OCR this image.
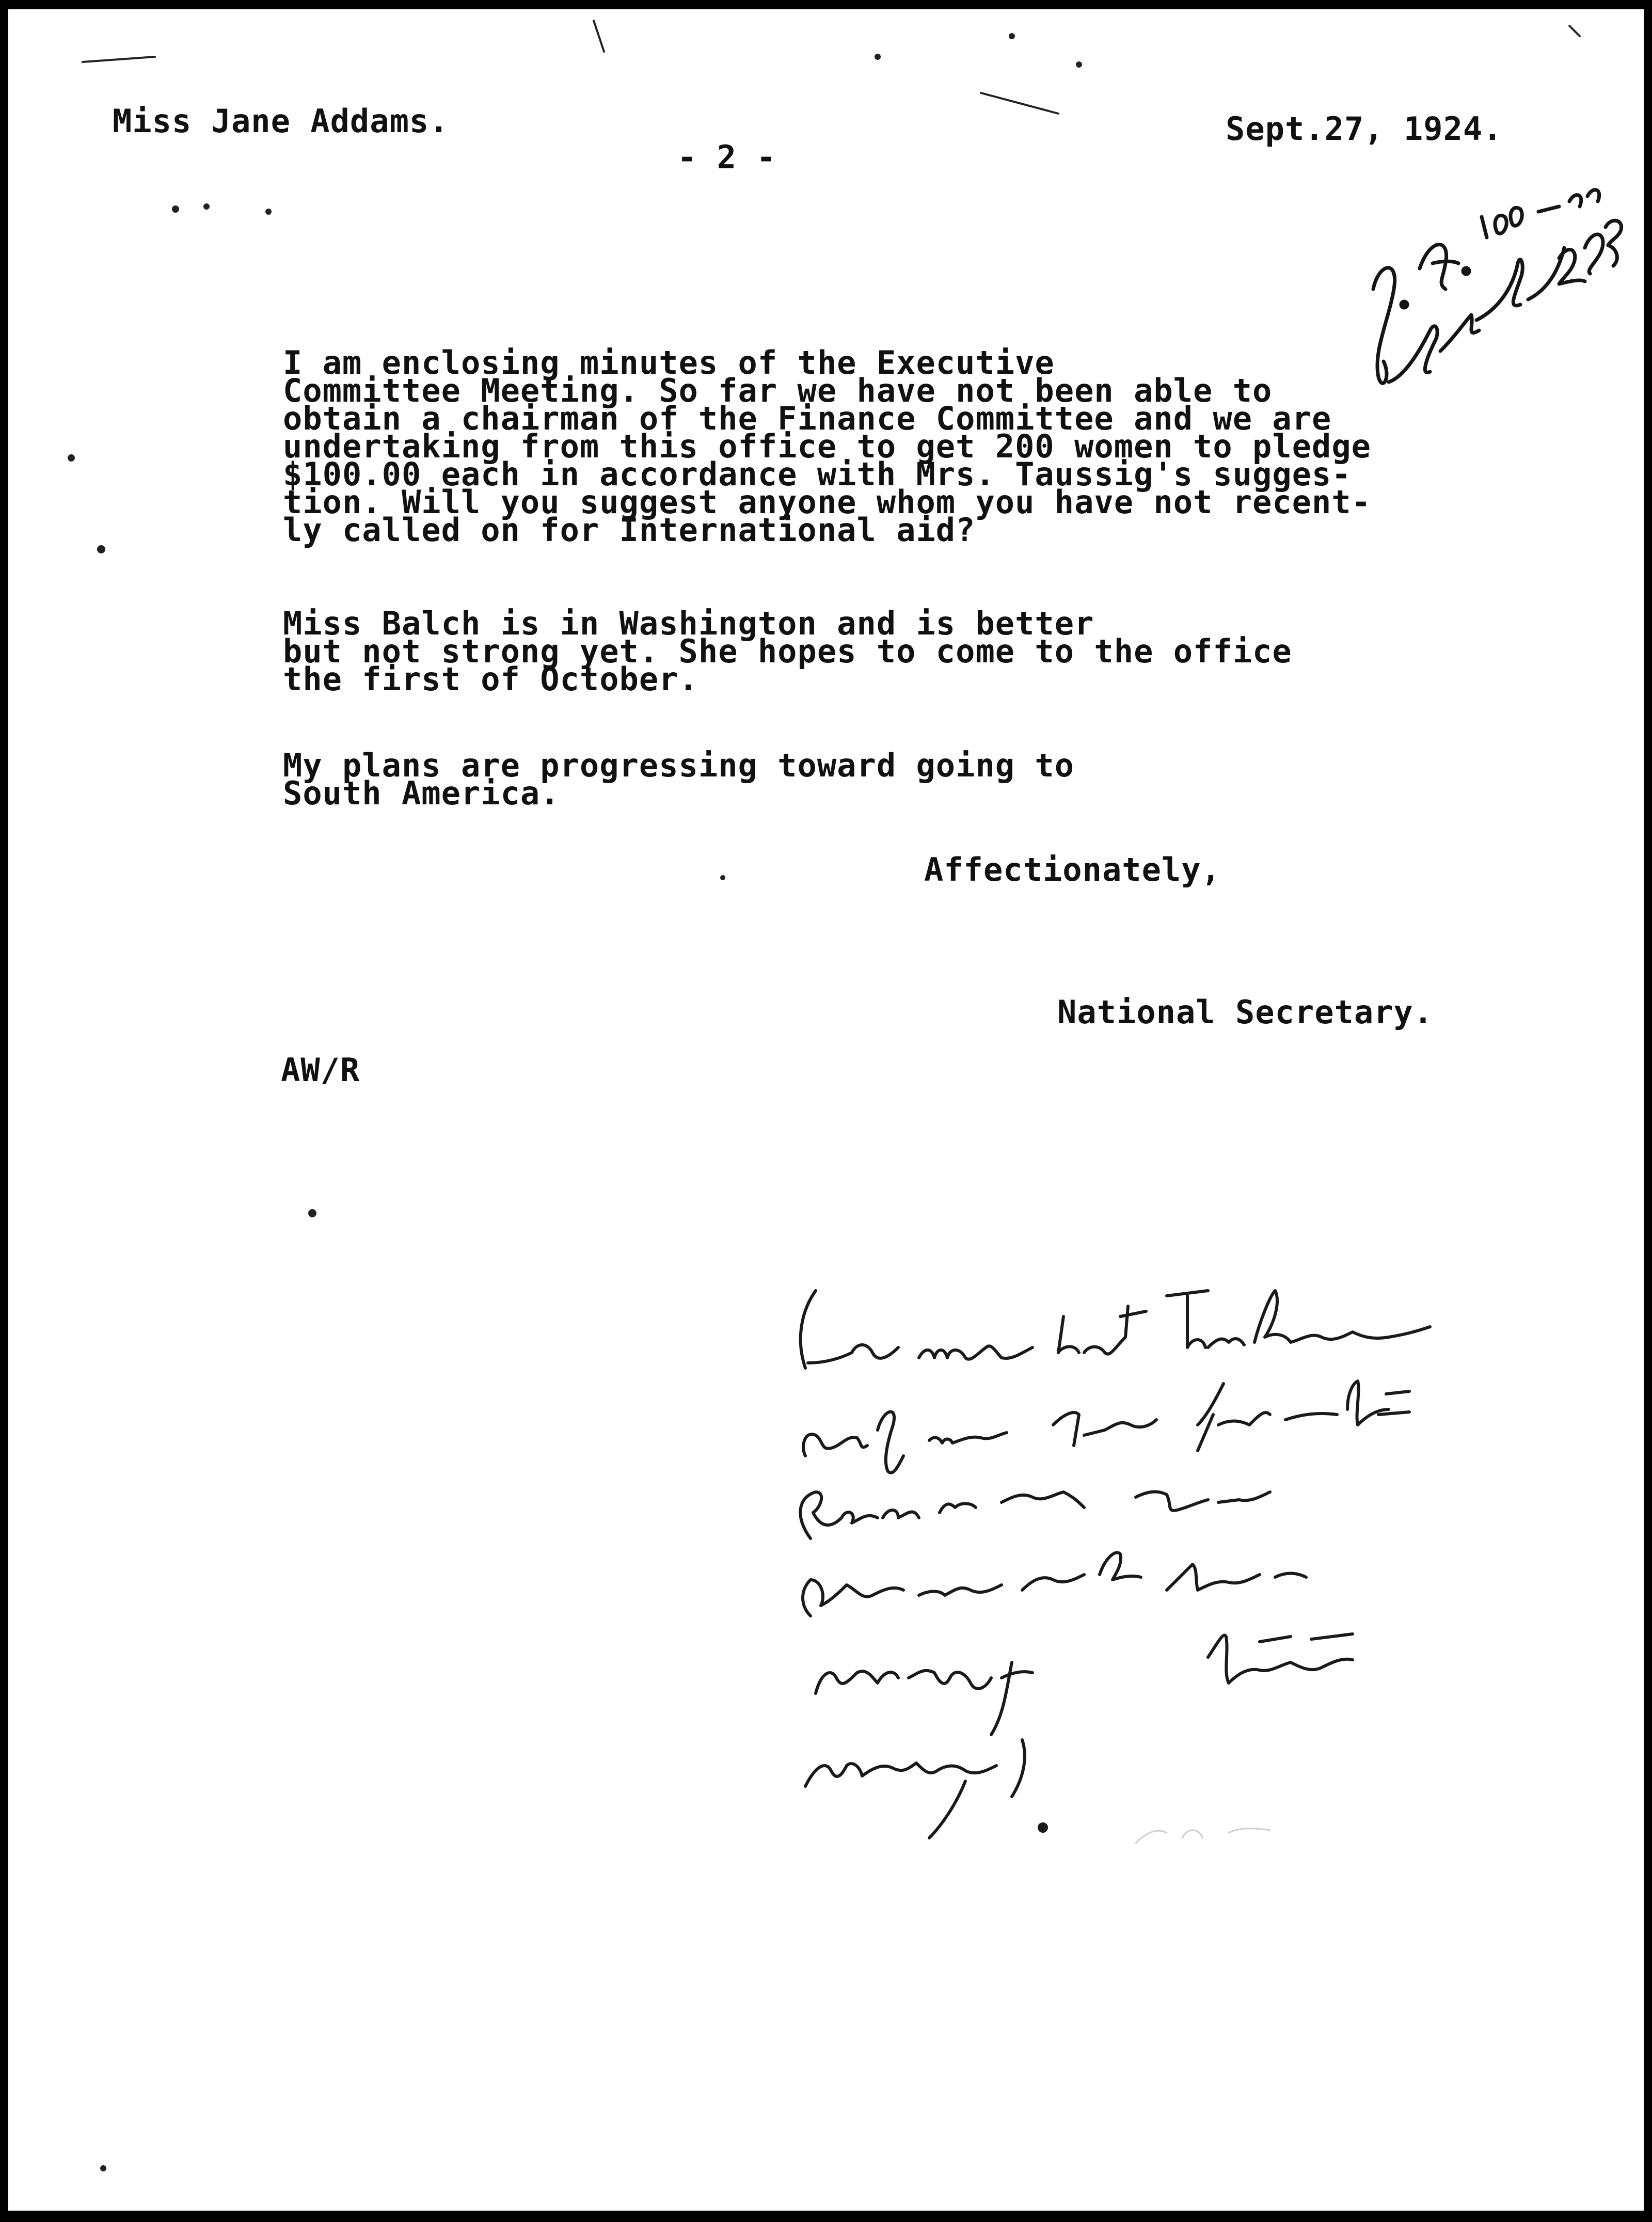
Miss Jane Addams.	Sept.27, 1924.
- 2 -
I am enclosing minutes of the Executive
Committee Meeting. So far we have not been able to
obtain a chairman of the Finance Committee and we are
undertaking from this office to get 200 women to pledge
$100.00 each in accordance with Mrs. Taussig's sugges-
tion. Will you suggest anyone whom you have not recent-
ly called on for International aid?
Miss Balch is in Washington and is better
but not strong yet. She hopes to come to the office
the first of October.
My plans are progressing toward going to
South America.
Affectionately,
National Secretary.
AW/R
